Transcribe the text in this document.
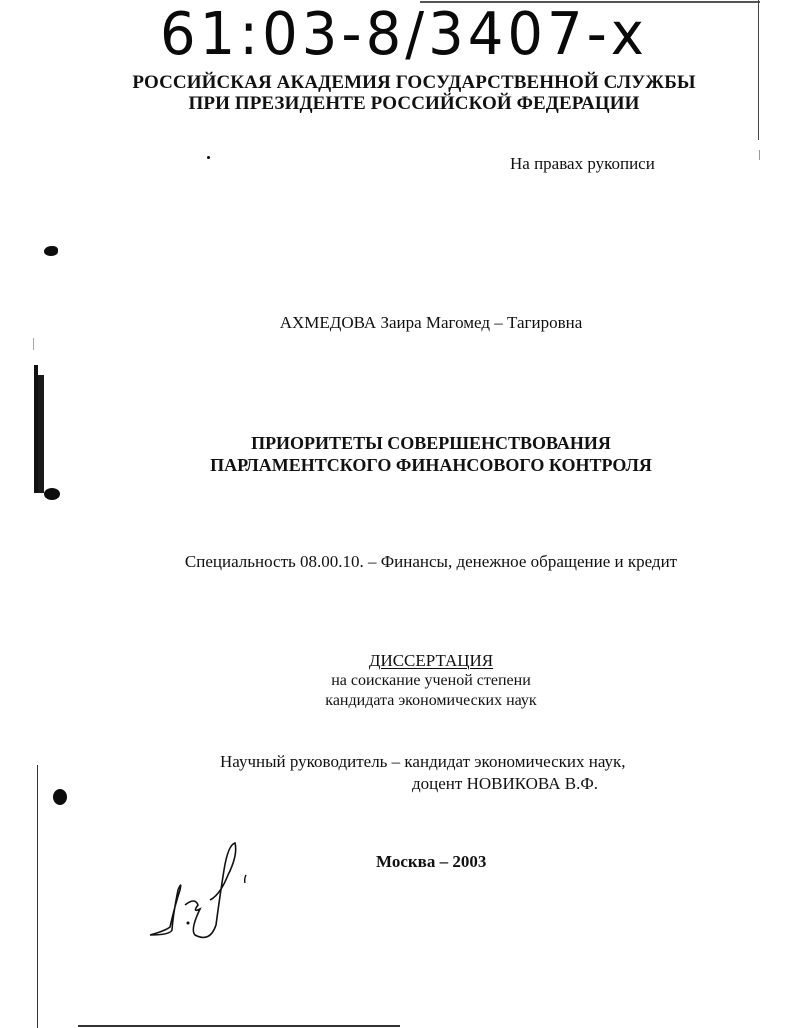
61:03-8/3407-x
РОССИЙСКАЯ АКАДЕМИЯ ГОСУДАРСТВЕННОЙ СЛУЖБЫ
ПРИ ПРЕЗИДЕНТЕ РОССИЙСКОЙ ФЕДЕРАЦИИ
На правах рукописи
АХМЕДОВА Заира Магомед – Тагировна
ПРИОРИТЕТЫ СОВЕРШЕНСТВОВАНИЯ
ПАРЛАМЕНТСКОГО ФИНАНСОВОГО КОНТРОЛЯ
Специальность 08.00.10. – Финансы, денежное обращение и кредит
ДИССЕРТАЦИЯ
на соискание ученой степени
кандидата экономических наук
Научный руководитель – кандидат экономических наук,
доцент НОВИКОВА В.Ф.
Москва – 2003
